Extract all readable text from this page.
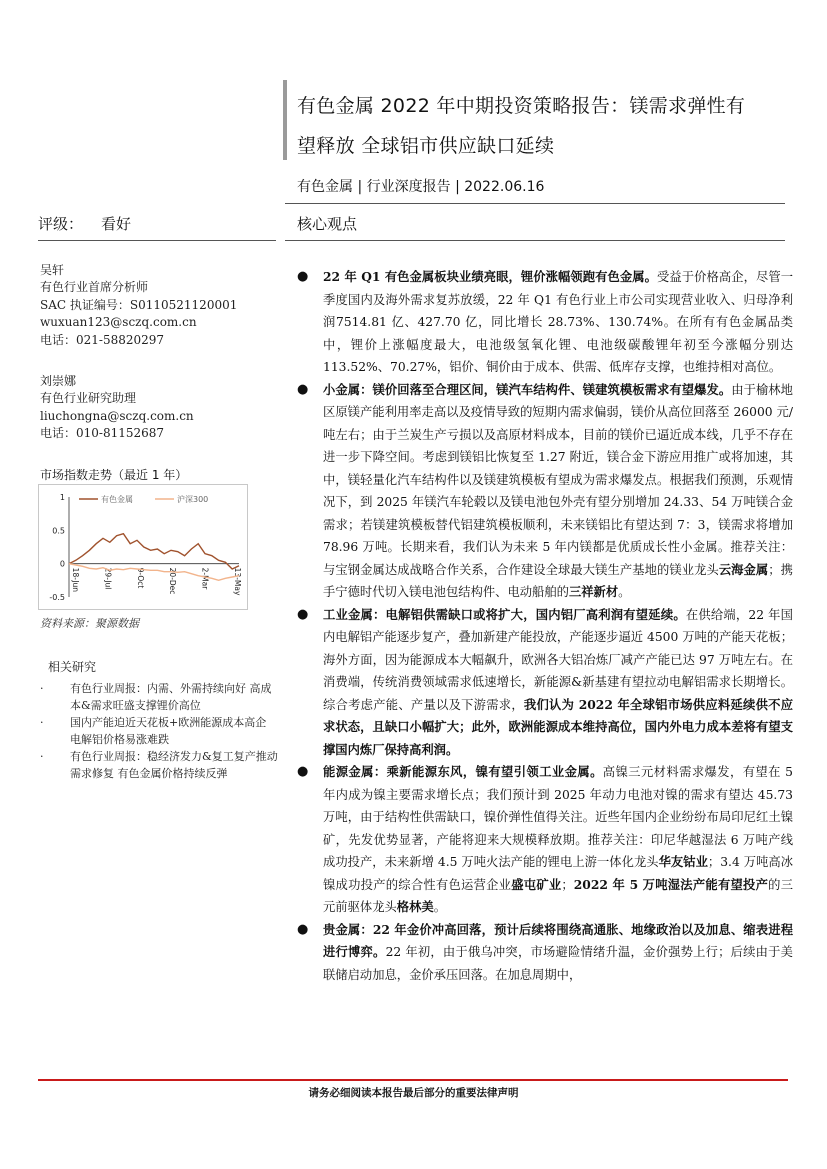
有色金属 2022 年中期投资策略报告：镁需求弹性有
望释放 全球铝市供应缺口延续
有色金属 | 行业深度报告 | 2022.06.16
评级： 看好	核心观点
吴轩
有色行业首席分析师
SAC 执证编号：S0110521120001
wuxuan123@sczq.com.cn
电话：021-58820297
刘崇娜
有色行业研究助理
liuchongna@sczq.com.cn
电话：010-81152687
市场指数走势（最近 1 年）
1
0.5
0
-0.5
18-Jun	29-Jul	9-Oct	20-Dec	2-Mar	13-May
有色金属	沪深300
资料来源：聚源数据
相关研究
· 有色行业周报：内需、外需持续向好 高成本&需求旺盛支撑锂价高位
· 国内产能迫近天花板+欧洲能源成本高企 电解铝价格易涨难跌
· 有色行业周报：稳经济发力&复工复产推动需求修复 有色金属价格持续反弹
● 22 年 Q1 有色金属板块业绩亮眼，锂价涨幅领跑有色金属。受益于价格高企，尽管一季度国内及海外需求复苏放缓，22 年 Q1 有色行业上市公司实现营业收入、归母净利润7514.81 亿、427.70 亿，同比增长 28.73%、130.74%。在所有有色金属品类中，锂价上涨幅度最大，电池级氢氧化锂、电池级碳酸锂年初至今涨幅分别达 113.52%、70.27%，铝价、铜价由于成本、供需、低库存支撑，也维持相对高位。
● 小金属：镁价回落至合理区间，镁汽车结构件、镁建筑模板需求有望爆发。由于榆林地区原镁产能利用率走高以及疫情导致的短期内需求偏弱，镁价从高位回落至 26000 元/吨左右；由于兰炭生产亏损以及高原材料成本，目前的镁价已逼近成本线，几乎不存在进一步下降空间。考虑到镁铝比恢复至 1.27 附近，镁合金下游应用推广或将加速，其中，镁轻量化汽车结构件以及镁建筑模板有望成为需求爆发点。根据我们预测，乐观情况下，到 2025 年镁汽车轮毂以及镁电池包外壳有望分别增加 24.33、54 万吨镁合金需求；若镁建筑模板替代铝建筑模板顺利，未来镁铝比有望达到 7：3，镁需求将增加 78.96 万吨。长期来看，我们认为未来 5 年内镁都是优质成长性小金属。推荐关注：与宝钢金属达成战略合作关系，合作建设全球最大镁生产基地的镁业龙头云海金属；携手宁德时代切入镁电池包结构件、电动船舶的三祥新材。
● 工业金属：电解铝供需缺口或将扩大，国内铝厂高利润有望延续。在供给端，22 年国内电解铝产能逐步复产，叠加新建产能投放，产能逐步逼近 4500 万吨的产能天花板；海外方面，因为能源成本大幅飙升，欧洲各大铝冶炼厂减产产能已达 97 万吨左右。在消费端，传统消费领域需求低速增长，新能源&新基建有望拉动电解铝需求长期增长。综合考虑产能、产量以及下游需求，我们认为 2022 年全球铝市场供应料延续供不应求状态，且缺口小幅扩大；此外，欧洲能源成本维持高位，国内外电力成本差将有望支撑国内炼厂保持高利润。
● 能源金属：乘新能源东风，镍有望引领工业金属。高镍三元材料需求爆发，有望在 5 年内成为镍主要需求增长点；我们预计到 2025 年动力电池对镍的需求有望达 45.73 万吨，由于结构性供需缺口，镍价弹性值得关注。近些年国内企业纷纷布局印尼红土镍矿，先发优势显著，产能将迎来大规模释放期。推荐关注：印尼华越湿法 6 万吨产线成功投产，未来新增 4.5 万吨火法产能的锂电上游一体化龙头华友钴业；3.4 万吨高冰镍成功投产的综合性有色运营企业盛屯矿业；2022 年 5 万吨湿法产能有望投产的三元前驱体龙头格林美。
● 贵金属：22 年金价冲高回落，预计后续将围绕高通胀、地缘政治以及加息、缩表进程进行博弈。22 年初，由于俄乌冲突，市场避险情绪升温，金价强势上行；后续由于美联储启动加息，金价承压回落。在加息周期中，
请务必细阅读本报告最后部分的重要法律声明
